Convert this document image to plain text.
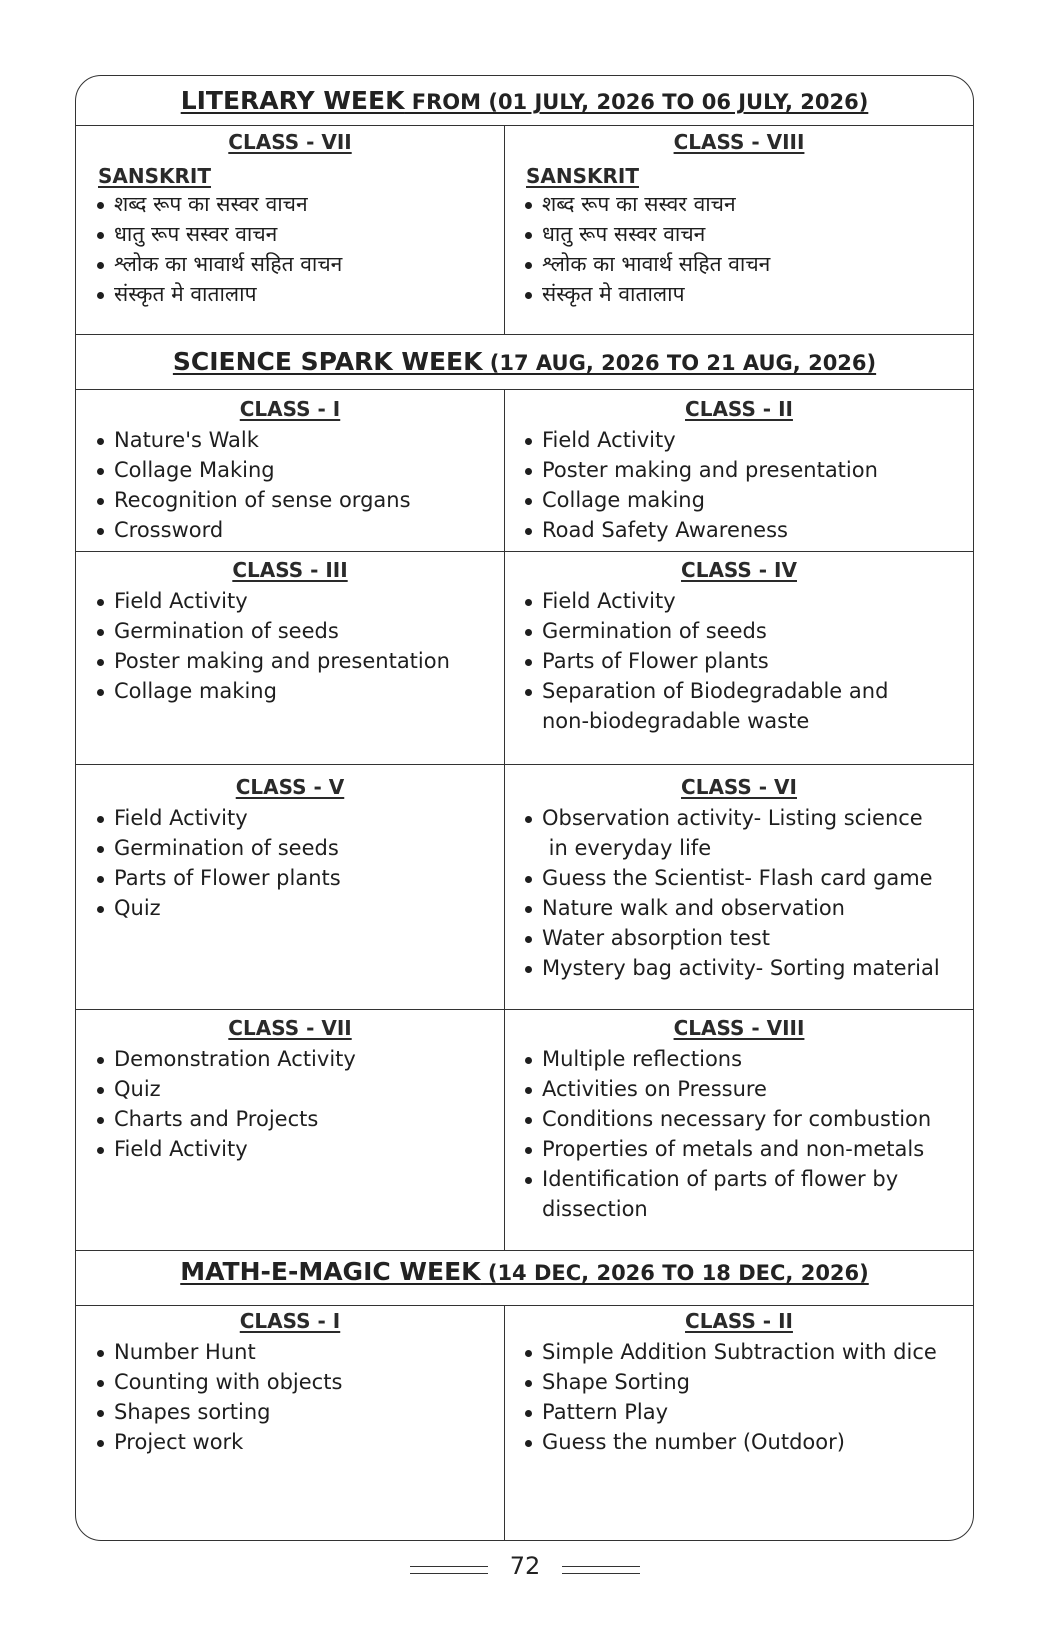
LITERARY WEEK FROM (01 JULY, 2026 TO 06 JULY, 2026)
CLASS - VII
SANSKRIT
शब्द रूप का सस्वर वाचन
धातु रूप सस्वर वाचन
श्लोक का भावार्थ सहित वाचन
संस्कृत मे वातालाप
CLASS - VIII
SANSKRIT
शब्द रूप का सस्वर वाचन
धातु रूप सस्वर वाचन
श्लोक का भावार्थ सहित वाचन
संस्कृत मे वातालाप
SCIENCE SPARK WEEK (17 AUG, 2026 TO 21 AUG, 2026)
CLASS - I
Nature's Walk
Collage Making
Recognition of sense organs
Crossword
CLASS - II
Field Activity
Poster making and presentation
Collage making
Road Safety Awareness
CLASS - III
Field Activity
Germination of seeds
Poster making and presentation
Collage making
CLASS - IV
Field Activity
Germination of seeds
Parts of Flower plants
Separation of Biodegradable and
non-biodegradable waste
CLASS - V
Field Activity
Germination of seeds
Parts of Flower plants
Quiz
CLASS - VI
Observation activity- Listing science
in everyday life
Guess the Scientist- Flash card game
Nature walk and observation
Water absorption test
Mystery bag activity- Sorting material
CLASS - VII
Demonstration Activity
Quiz
Charts and Projects
Field Activity
CLASS - VIII
Multiple reflections
Activities on Pressure
Conditions necessary for combustion
Properties of metals and non-metals
Identification of parts of flower by
dissection
MATH-E-MAGIC WEEK (14 DEC, 2026 TO 18 DEC, 2026)
CLASS - I
Number Hunt
Counting with objects
Shapes sorting
Project work
CLASS - II
Simple Addition Subtraction with dice
Shape Sorting
Pattern Play
Guess the number (Outdoor)
72
